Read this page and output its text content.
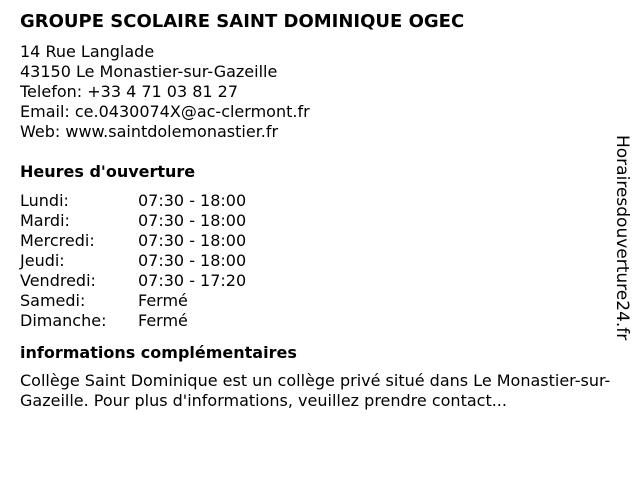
GROUPE SCOLAIRE SAINT DOMINIQUE OGEC
14 Rue Langlade
43150 Le Monastier-sur-Gazeille
Telefon: +33 4 71 03 81 27
Email: ce.0430074X@ac-clermont.fr
Web: www.saintdolemonastier.fr
Heures d'ouverture
Lundi:	07:30 - 18:00
Mardi:	07:30 - 18:00
Mercredi:	07:30 - 18:00
Jeudi:	07:30 - 18:00
Vendredi:	07:30 - 17:20
Samedi:	Fermé
Dimanche: Fermé
informations complémentaires
Collège Saint Dominique est un collège privé situé dans Le Monastier-sur-Gazeille. Pour plus d'informations, veuillez prendre contact...
Horairesdouverture24.fr
